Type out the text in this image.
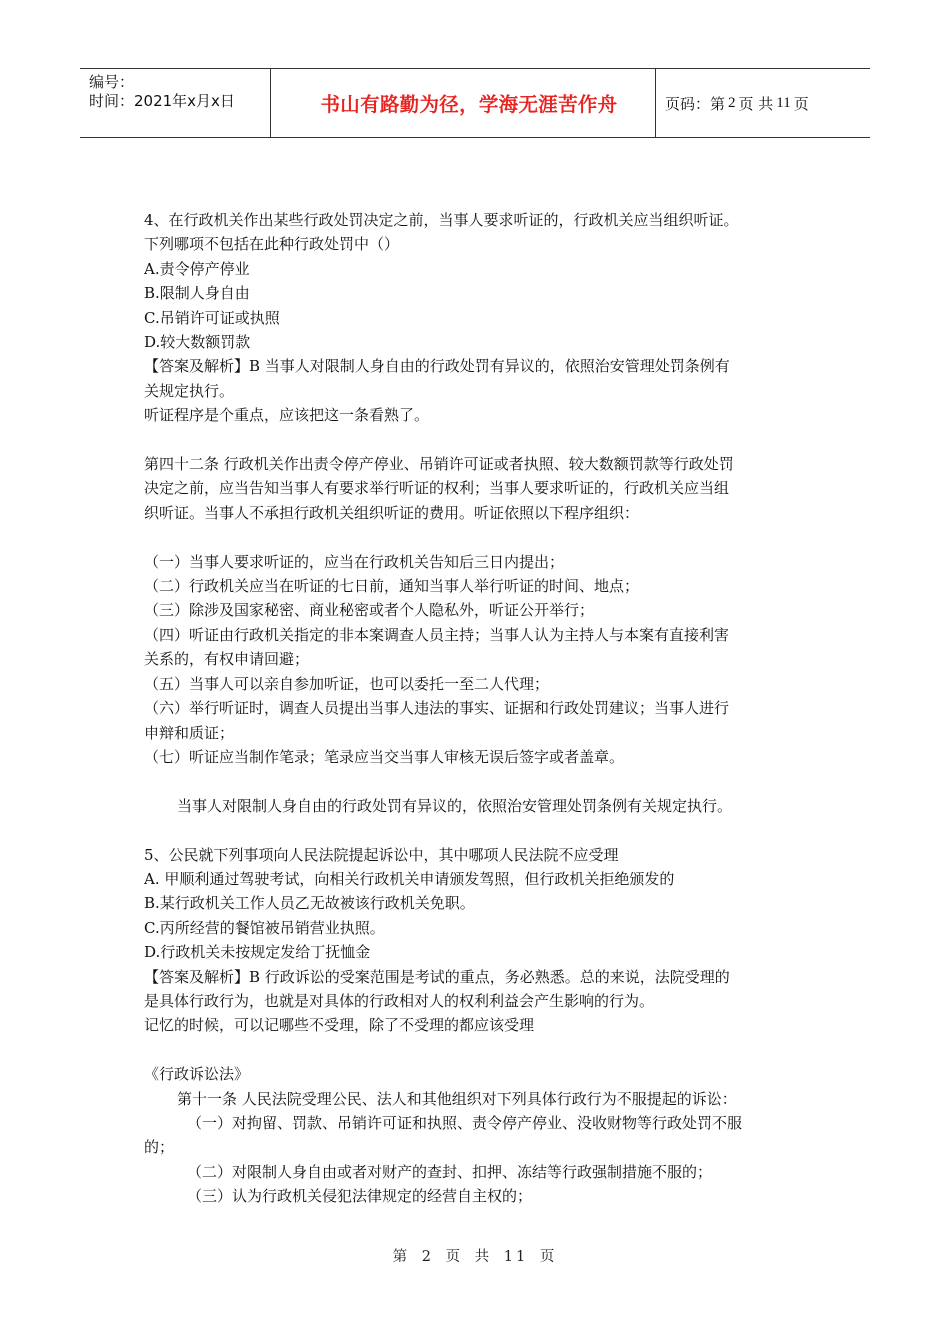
编号：
时间：2021年x月x日	书山有路勤为径，学海无涯苦作舟	页码：第 2 页 共 11 页

4、在行政机关作出某些行政处罚决定之前，当事人要求听证的，行政机关应当组织听证。

下列哪项不包括在此种行政处罚中（）

A.责令停产停业

B.限制人身自由

C.吊销许可证或执照

D.较大数额罚款

【答案及解析】B 当事人对限制人身自由的行政处罚有异议的，依照治安管理处罚条例有

关规定执行。

听证程序是个重点，应该把这一条看熟了。

第四十二条 行政机关作出责令停产停业、吊销许可证或者执照、较大数额罚款等行政处罚

决定之前，应当告知当事人有要求举行听证的权利；当事人要求听证的，行政机关应当组

织听证。当事人不承担行政机关组织听证的费用。听证依照以下程序组织：

（一）当事人要求听证的，应当在行政机关告知后三日内提出；

（二）行政机关应当在听证的七日前，通知当事人举行听证的时间、地点；

（三）除涉及国家秘密、商业秘密或者个人隐私外，听证公开举行；

（四）听证由行政机关指定的非本案调查人员主持；当事人认为主持人与本案有直接利害

关系的，有权申请回避；

（五）当事人可以亲自参加听证，也可以委托一至二人代理；

（六）举行听证时，调查人员提出当事人违法的事实、证据和行政处罚建议；当事人进行

申辩和质证；

（七）听证应当制作笔录；笔录应当交当事人审核无误后签字或者盖章。

当事人对限制人身自由的行政处罚有异议的，依照治安管理处罚条例有关规定执行。

5、公民就下列事项向人民法院提起诉讼中，其中哪项人民法院不应受理

A. 甲顺利通过驾驶考试，向相关行政机关申请颁发驾照，但行政机关拒绝颁发的

B.某行政机关工作人员乙无故被该行政机关免职。

C.丙所经营的餐馆被吊销营业执照。

D.行政机关未按规定发给丁抚恤金

【答案及解析】B 行政诉讼的受案范围是考试的重点，务必熟悉。总的来说，法院受理的

是具体行政行为，也就是对具体的行政相对人的权利利益会产生影响的行为。

记忆的时候，可以记哪些不受理，除了不受理的都应该受理

《行政诉讼法》

第十一条 人民法院受理公民、法人和其他组织对下列具体行政行为不服提起的诉讼：

（一）对拘留、罚款、吊销许可证和执照、责令停产停业、没收财物等行政处罚不服

的；

（二）对限制人身自由或者对财产的查封、扣押、冻结等行政强制措施不服的；

（三）认为行政机关侵犯法律规定的经营自主权的；

第 2 页 共 11 页
